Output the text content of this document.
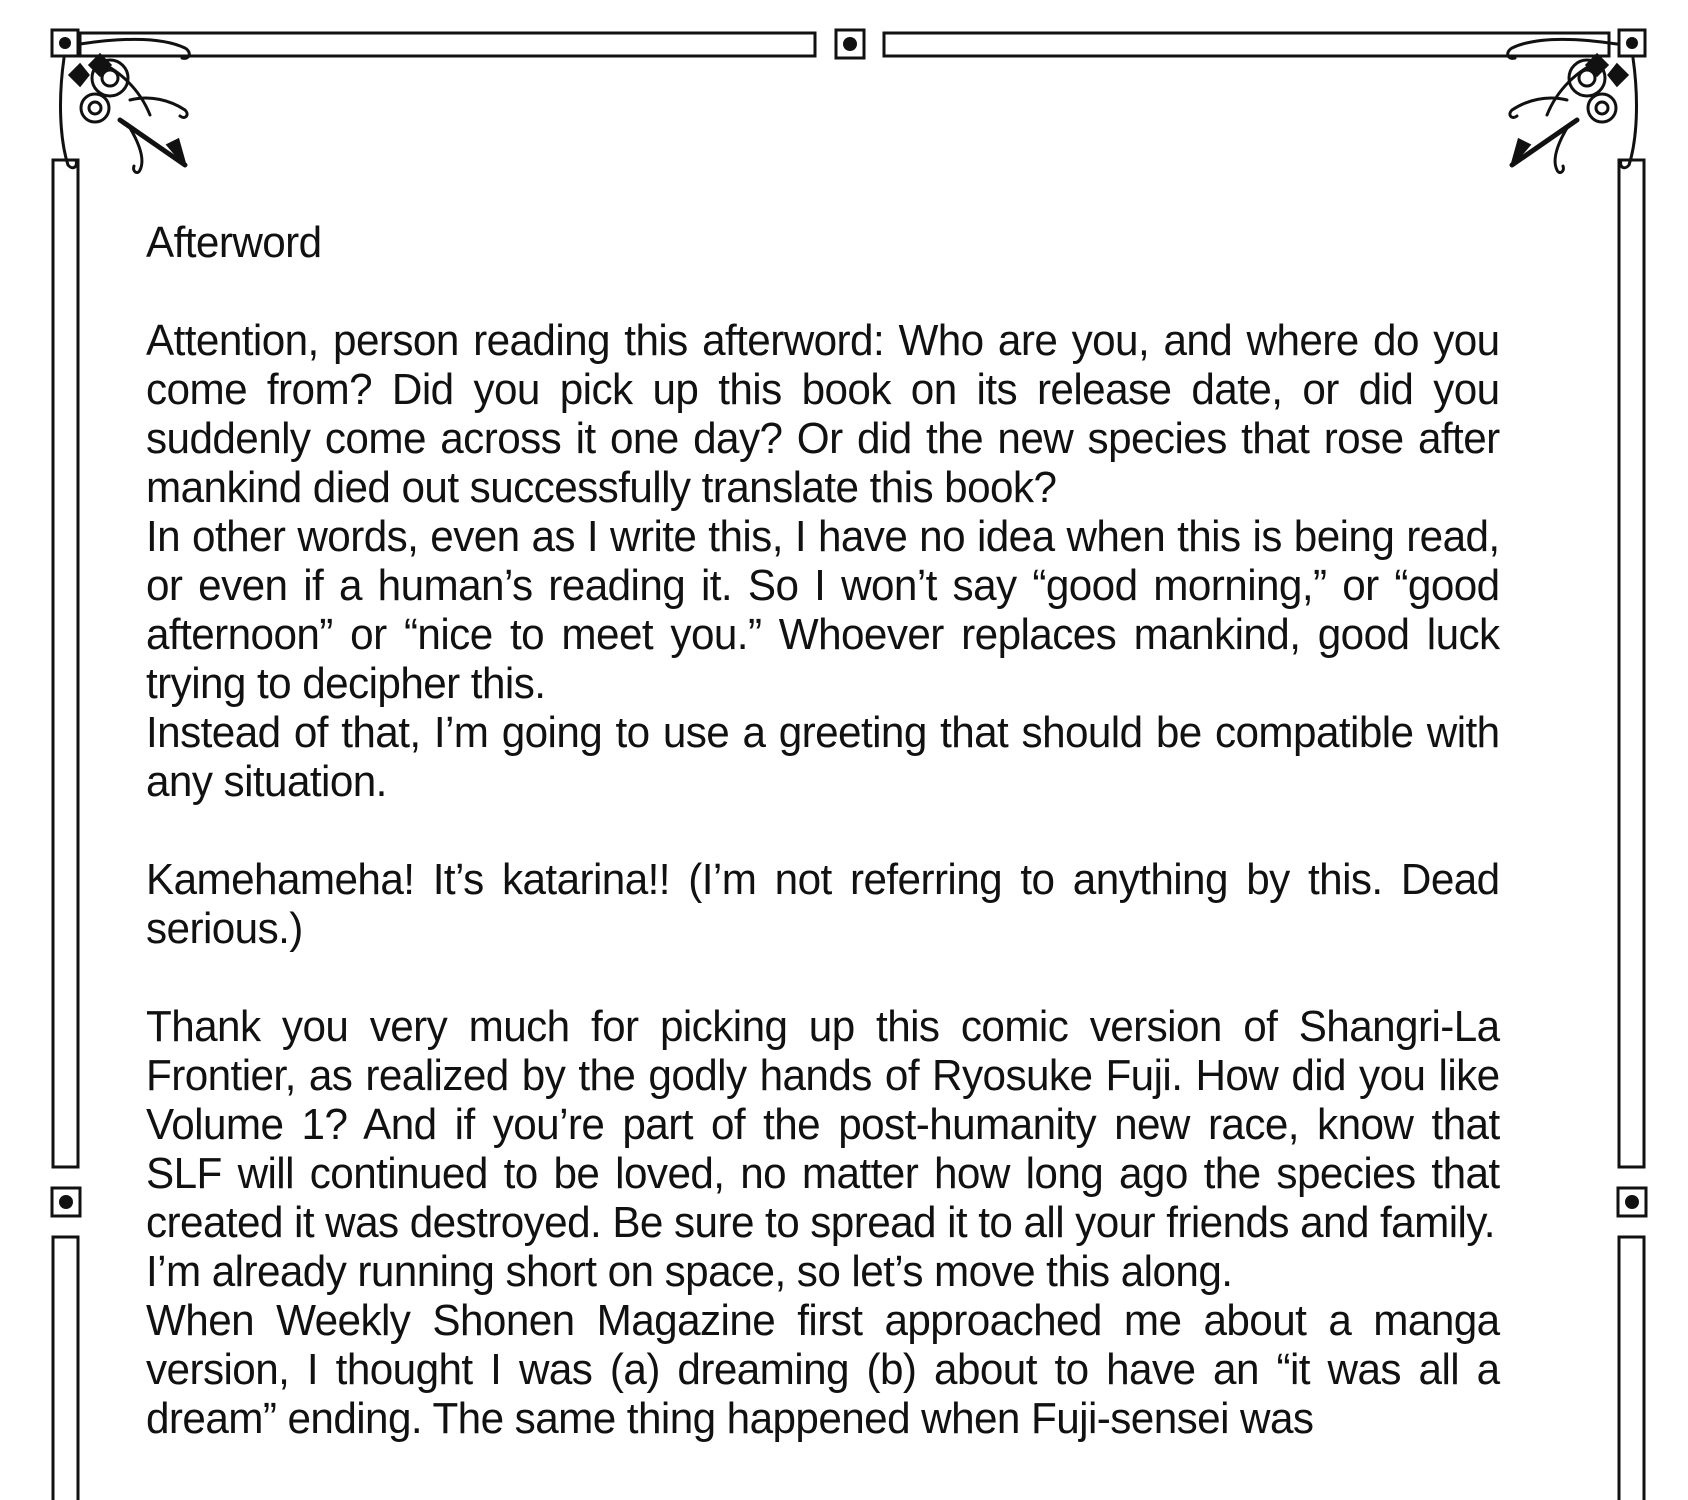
Afterword

Attention, person reading this afterword: Who are you, and where do you come from? Did you pick up this book on its release date, or did you suddenly come across it one day? Or did the new species that rose after mankind died out successfully translate this book?

In other words, even as I write this, I have no idea when this is being read, or even if a human’s reading it. So I won’t say “good morning,” or “good afternoon” or “nice to meet you.” Whoever replaces mankind, good luck trying to decipher this.

Instead of that, I’m going to use a greeting that should be compatible with any situation.

Kamehameha! It’s katarina!! (I’m not referring to anything by this. Dead serious.)

Thank you very much for picking up this comic version of Shangri-La Frontier, as realized by the godly hands of Ryosuke Fuji. How did you like Volume 1? And if you’re part of the post-humanity new race, know that SLF will continued to be loved, no matter how long ago the species that created it was destroyed. Be sure to spread it to all your friends and family.

I’m already running short on space, so let’s move this along.

When Weekly Shonen Magazine first approached me about a manga version, I thought I was (a) dreaming (b) about to have an “it was all a dream” ending. The same thing happened when Fuji-sensei was
